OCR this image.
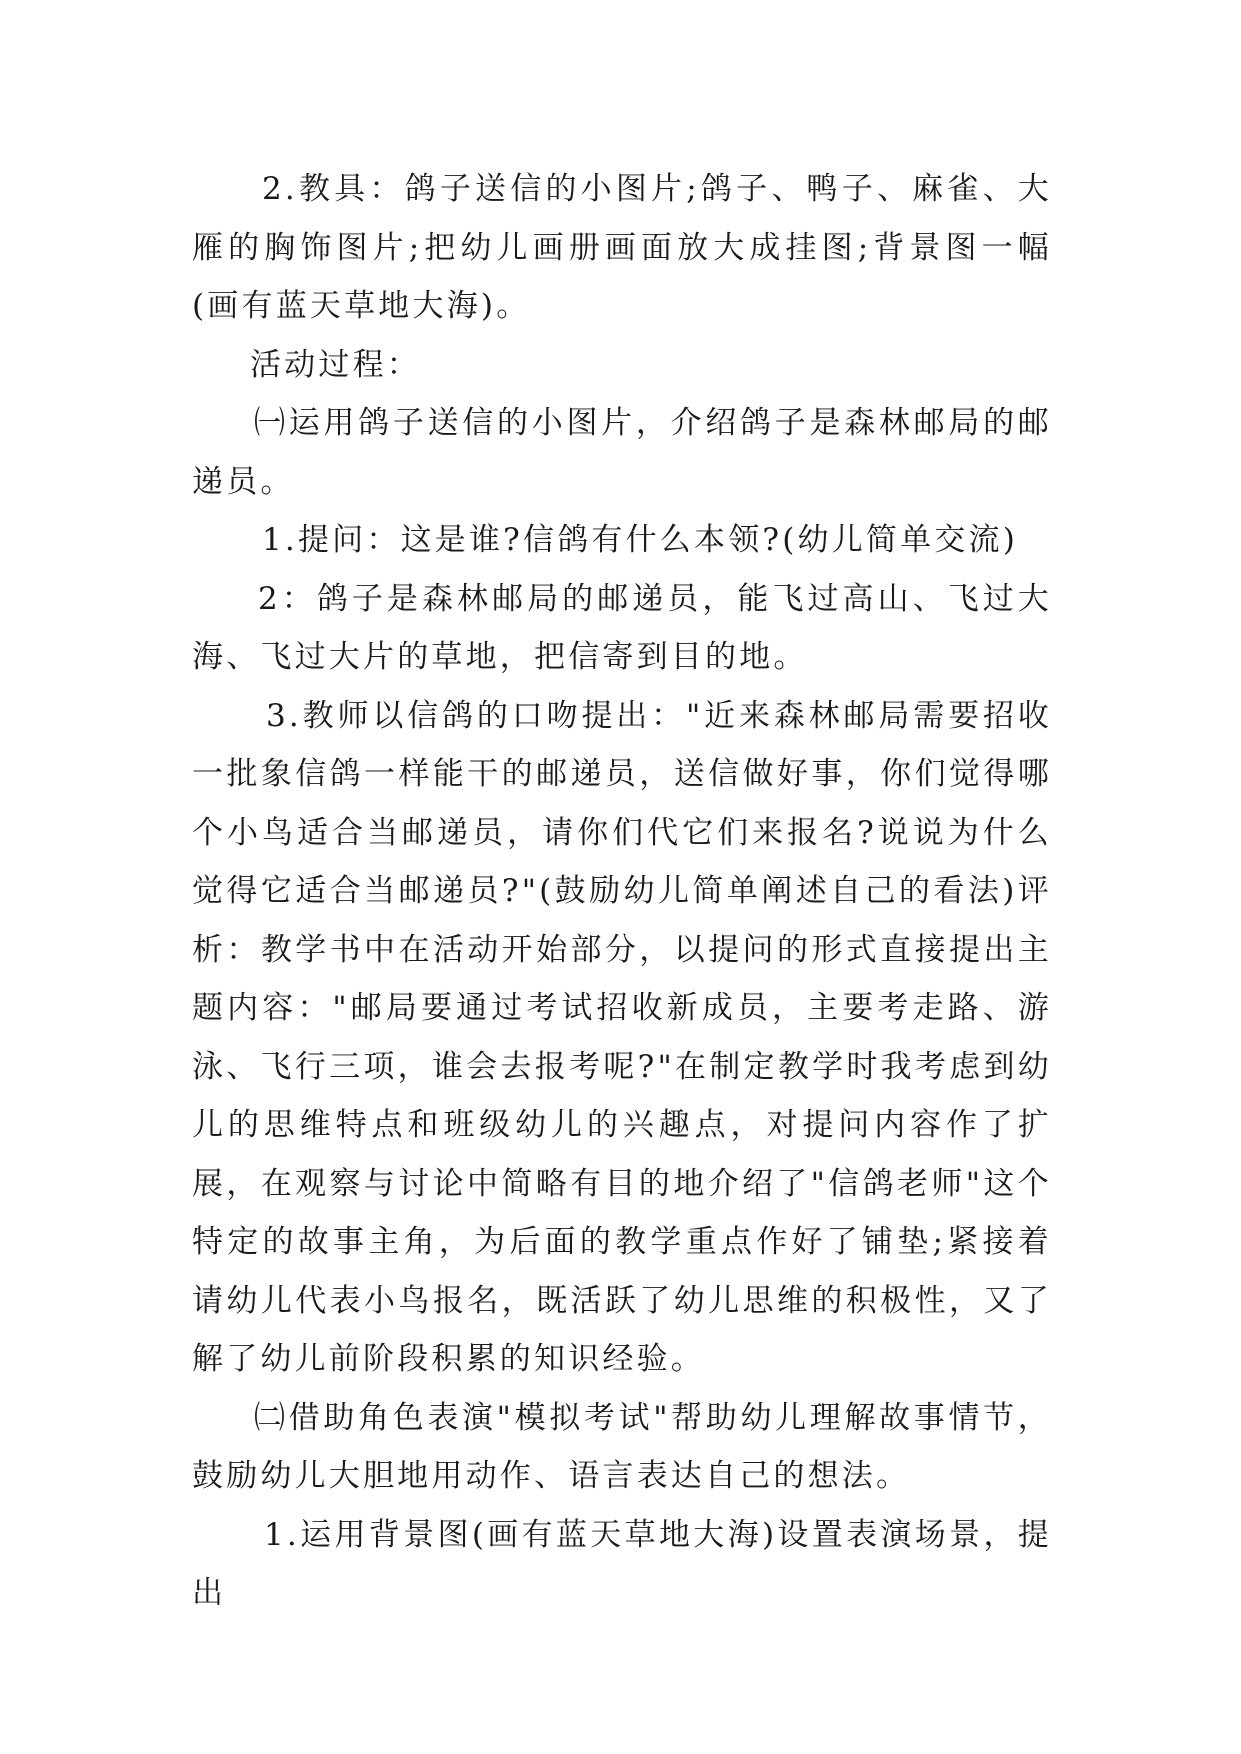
2.教具：鸽子送信的小图片;鸽子、鸭子、麻雀、大雁的胸饰图片;把幼儿画册画面放大成挂图;背景图一幅(画有蓝天草地大海)。

活动过程：

㈠运用鸽子送信的小图片，介绍鸽子是森林邮局的邮递员。

1.提问：这是谁?信鸽有什么本领?(幼儿简单交流)

2：鸽子是森林邮局的邮递员，能飞过高山、飞过大海、飞过大片的草地，把信寄到目的地。

3.教师以信鸽的口吻提出："近来森林邮局需要招收一批象信鸽一样能干的邮递员，送信做好事，你们觉得哪个小鸟适合当邮递员，请你们代它们来报名?说说为什么觉得它适合当邮递员?"(鼓励幼儿简单阐述自己的看法)评析：教学书中在活动开始部分，以提问的形式直接提出主题内容："邮局要通过考试招收新成员，主要考走路、游泳、飞行三项，谁会去报考呢?"在制定教学时我考虑到幼儿的思维特点和班级幼儿的兴趣点，对提问内容作了扩展，在观察与讨论中简略有目的地介绍了"信鸽老师"这个特定的故事主角，为后面的教学重点作好了铺垫;紧接着请幼儿代表小鸟报名，既活跃了幼儿思维的积极性，又了解了幼儿前阶段积累的知识经验。

㈡借助角色表演"模拟考试"帮助幼儿理解故事情节，鼓励幼儿大胆地用动作、语言表达自己的想法。

1.运用背景图(画有蓝天草地大海)设置表演场景，提出
